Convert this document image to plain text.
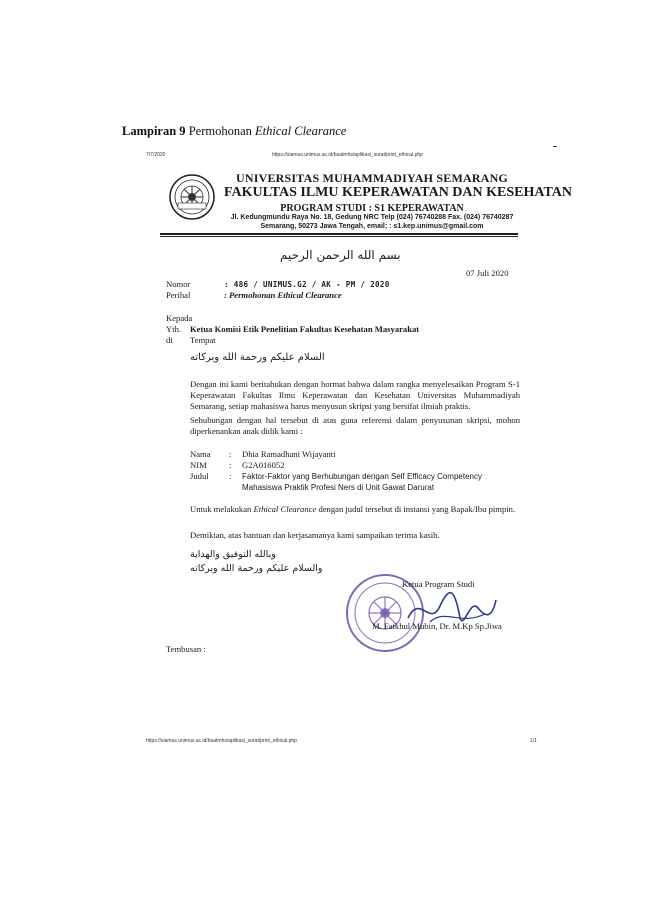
Lampiran 9 Permohonan Ethical Clearance
7/7/2020	https://siamus.unimus.ac.id/buatmhs/aplikasi_surat/print_ethical.php
UNIVERSITAS MUHAMMADIYAH SEMARANG
FAKULTAS ILMU KEPERAWATAN DAN KESEHATAN
PROGRAM STUDI : S1 KEPERAWATAN
Jl. Kedungmundu Raya No. 18, Gedung NRC Telp (024) 76740288 Fax. (024) 76740287
Semarang, 50273 Jawa Tengah, email; : s1.kep.unimus@gmail.com
بسم الله الرحمن الرحيم
07 Juli 2020
Nomor	: 486 / UNIMUS.G2 / AK - PM / 2020
Perihal	: Permohonan Ethical Clearance
Kepada
Yth. Ketua Komisi Etik Penelitian Fakultas Kesehatan Masyarakat
di Tempat
السلام عليكم ورحمة الله وبركاته
Dengan ini kami beritahukan dengan hormat bahwa dalam rangka menyelesaikan Program S-1 Keperawatan Fakultas Ilmu Keperawatan dan Kesehatan Universitas Muhammadiyah Semarang, setiap mahasiswa harus menyusun skripsi yang bersifat ilmiah praktis.
Sehubungan dengan hal tersebut di atas guna referensi dalam penyusunan skripsi, mohon diperkenankan anak didik kami :
Nama : Dhia Ramadhani Wijayanti
NIM	: G2A016052
Judul : Faktor-Faktor yang Berhubungan dengan Self Efficacy Competency Mahasiswa Praktik Profesi Ners di Unit Gawat Darurat
Untuk melakukan Ethical Clearance dengan judul tersebut di instansi yang Bapak/Ibu pimpin.
Demikian, atas bantuan dan kerjasamanya kami sampaikan terima kasih.
وبالله التوفيق والهداية
والسلام عليكم ورحمة الله وبركاته
Ketua Program Studi
M. Fatkhul Mubin, Dr. M.Kp Sp.Jiwa
Tembusan :
https://siamus.unimus.ac.id/buatmhs/aplikasi_surat/print_ethical.php	1/1
